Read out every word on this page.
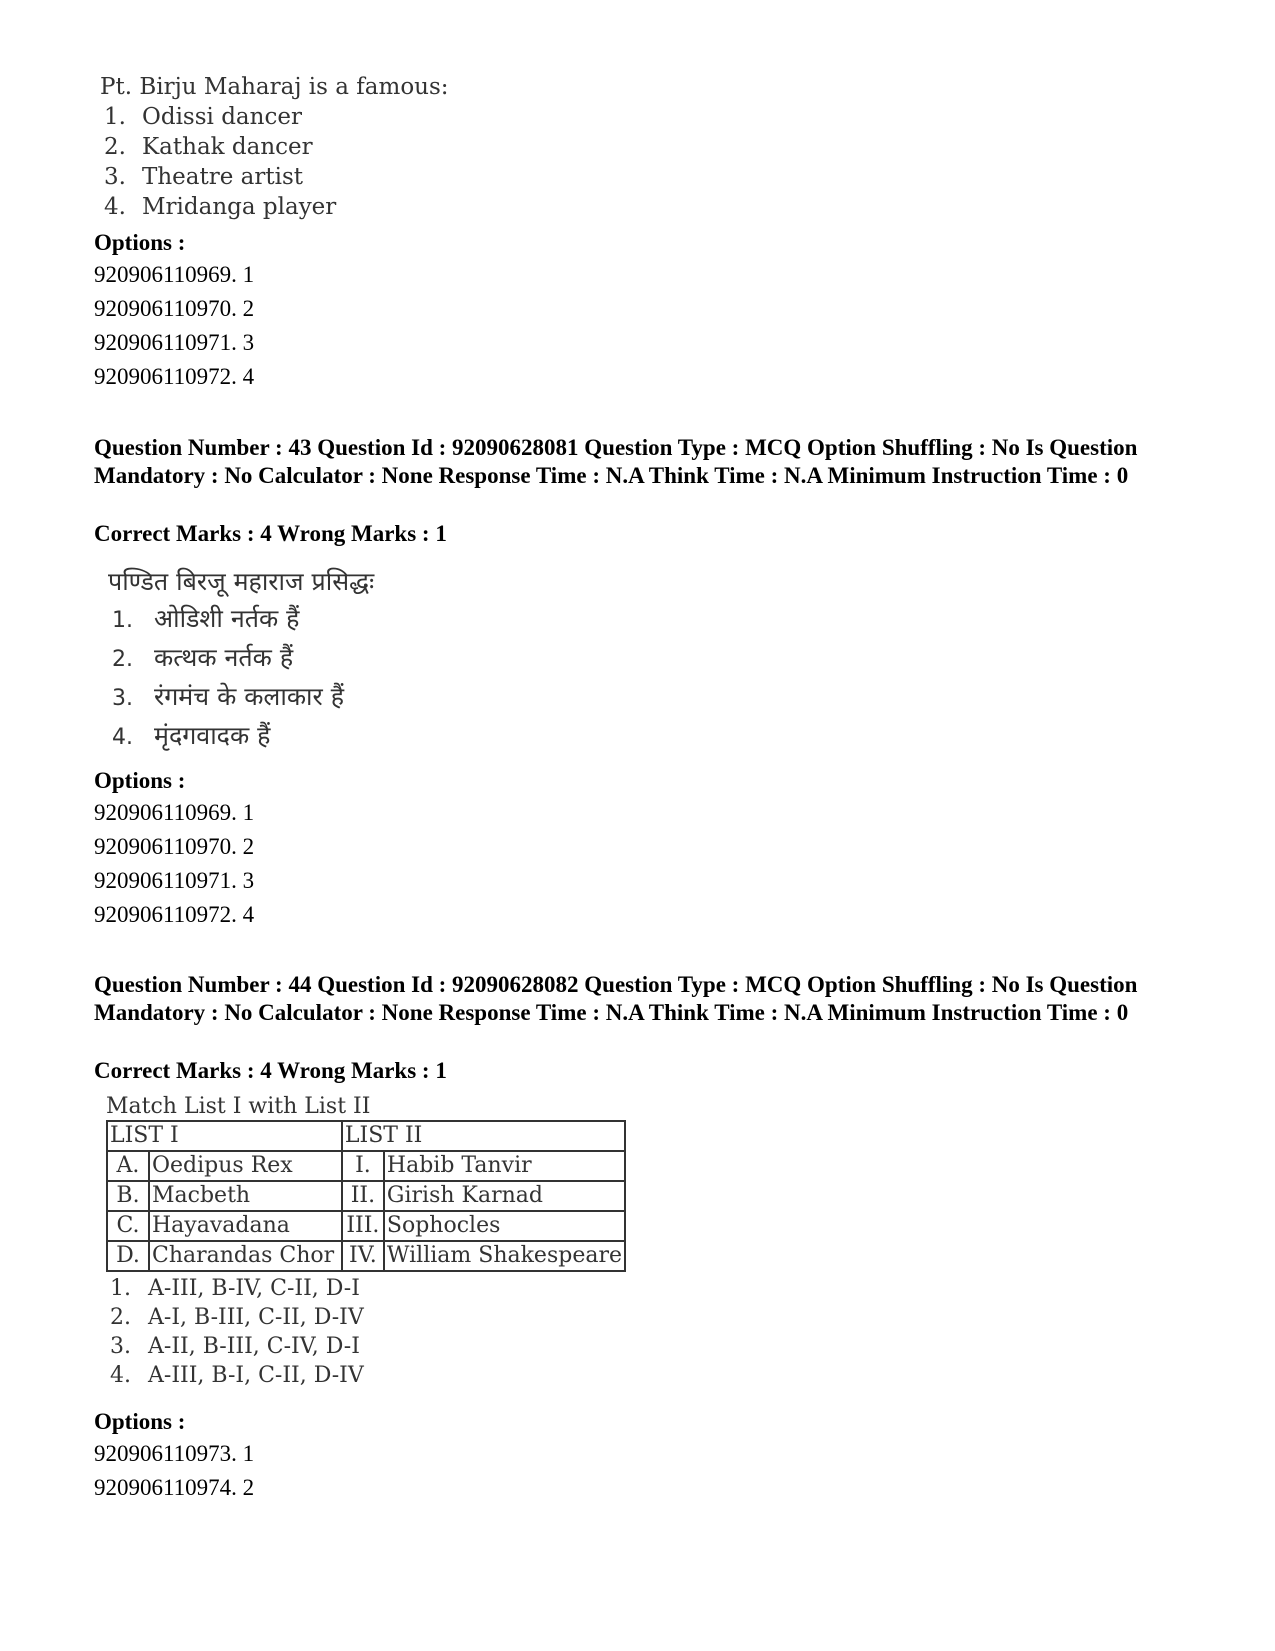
Pt. Birju Maharaj is a famous:
1. Odissi dancer
2. Kathak dancer
3. Theatre artist
4. Mridanga player
Options :
920906110969. 1
920906110970. 2
920906110971. 3
920906110972. 4
Question Number : 43 Question Id : 92090628081 Question Type : MCQ Option Shuffling : No Is Question Mandatory : No Calculator : None Response Time : N.A Think Time : N.A Minimum Instruction Time : 0
Correct Marks : 4 Wrong Marks : 1
पण्डित बिरजू महाराज प्रसिद्धः
1. ओडिशी नर्तक हैं
2. कत्थक नर्तक हैं
3. रंगमंच के कलाकार हैं
4. मृंदगवादक हैं
Options :
920906110969. 1
920906110970. 2
920906110971. 3
920906110972. 4
Question Number : 44 Question Id : 92090628082 Question Type : MCQ Option Shuffling : No Is Question Mandatory : No Calculator : None Response Time : N.A Think Time : N.A Minimum Instruction Time : 0
Correct Marks : 4 Wrong Marks : 1
Match List I with List II
LIST I		LIST II	
A.	Oedipus Rex	I.	Habib Tanvir
B.	Macbeth	II.	Girish Karnad
C.	Hayavadana	III.	Sophocles
D.	Charandas Chor	IV.	William Shakespeare
1. A-III, B-IV, C-II, D-I
2. A-I, B-III, C-II, D-IV
3. A-II, B-III, C-IV, D-I
4. A-III, B-I, C-II, D-IV
Options :
920906110973. 1
920906110974. 2
